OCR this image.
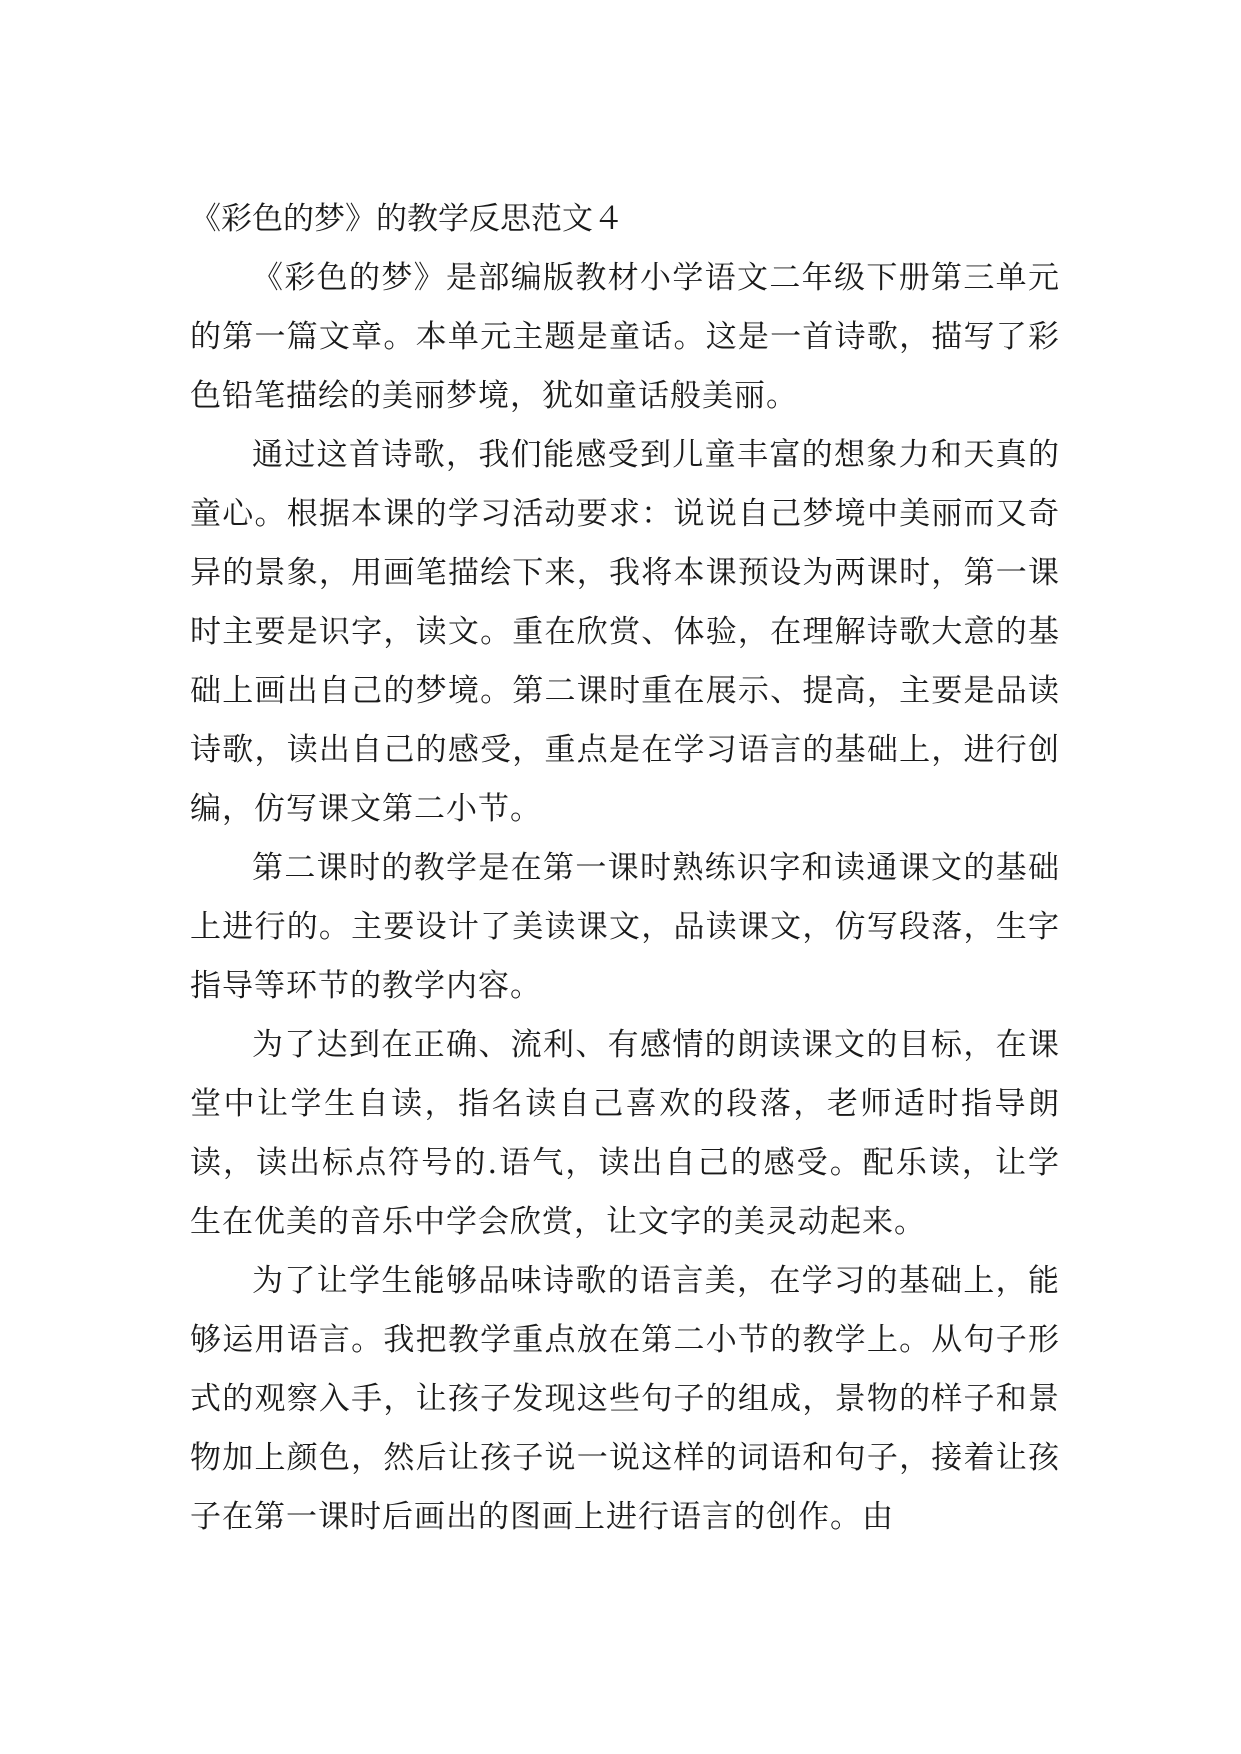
《彩色的梦》的教学反思范文４

《彩色的梦》是部编版教材小学语文二年级下册第三单元的第一篇文章。本单元主题是童话。这是一首诗歌，描写了彩色铅笔描绘的美丽梦境，犹如童话般美丽。

通过这首诗歌，我们能感受到儿童丰富的想象力和天真的童心。根据本课的学习活动要求：说说自己梦境中美丽而又奇异的景象，用画笔描绘下来，我将本课预设为两课时，第一课时主要是识字，读文。重在欣赏、体验，在理解诗歌大意的基础上画出自己的梦境。第二课时重在展示、提高，主要是品读诗歌，读出自己的感受，重点是在学习语言的基础上，进行创编，仿写课文第二小节。

第二课时的教学是在第一课时熟练识字和读通课文的基础上进行的。主要设计了美读课文，品读课文，仿写段落，生字指导等环节的教学内容。

为了达到在正确、流利、有感情的朗读课文的目标，在课堂中让学生自读，指名读自己喜欢的段落，老师适时指导朗读，读出标点符号的.语气，读出自己的感受。配乐读，让学生在优美的音乐中学会欣赏，让文字的美灵动起来。

为了让学生能够品味诗歌的语言美，在学习的基础上，能够运用语言。我把教学重点放在第二小节的教学上。从句子形式的观察入手，让孩子发现这些句子的组成，景物的样子和景物加上颜色，然后让孩子说一说这样的词语和句子，接着让孩子在第一课时后画出的图画上进行语言的创作。由
